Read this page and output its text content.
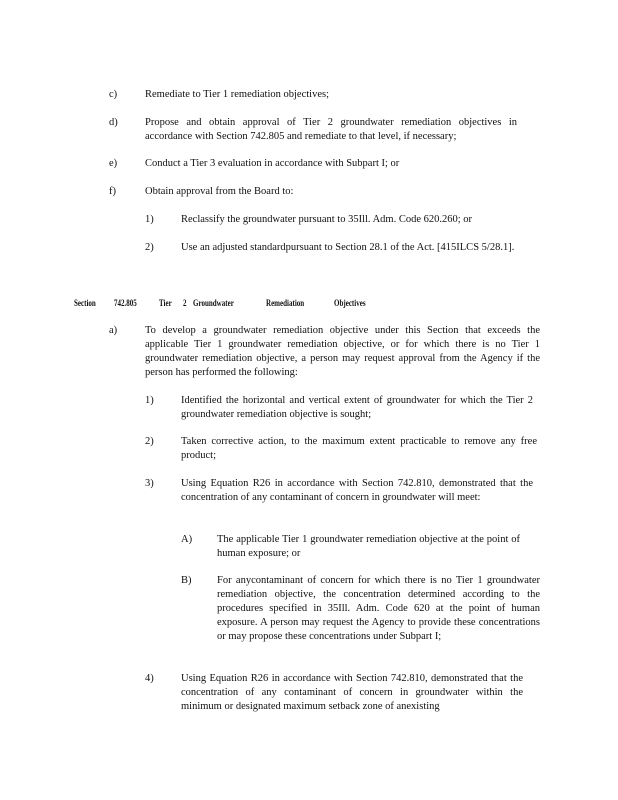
c)	Remediate to Tier 1 remediation objectives;
d)	Propose and obtain approval of Tier 2 groundwater remediation objectives in accordance with Section 742.805 and remediate to that level, if necessary;
e)	Conduct a Tier 3 evaluation in accordance with Subpart I; or
f)	Obtain approval from the Board to:
1)	Reclassify the groundwater pursuant to 35Ill. Adm. Code 620.260; or
2)	Use an adjusted standardpursuant to Section 28.1 of the Act. [415ILCS 5/28.1].
Section 742.805 Tier 2 Groundwater	Remediation	Objectives
a)	To develop a groundwater remediation objective under this Section that exceeds the applicable Tier 1 groundwater remediation objective, or for which there is no Tier 1 groundwater remediation objective, a person may request approval from the Agency if the person has performed the following:
1)	Identified the horizontal and vertical extent of groundwater for which the Tier 2 groundwater remediation objective is sought;
2)	Taken corrective action, to the maximum extent practicable to remove any free product;
3)	Using Equation R26 in accordance with Section 742.810, demonstrated that the concentration of any contaminant of concern in groundwater will meet:
A) The applicable Tier 1 groundwater remediation objective at the point of human exposure; or
B) For anycontaminant of concern for which there is no Tier 1 groundwater remediation objective, the concentration determined according to the procedures specified in 35Ill. Adm. Code 620 at the point of human exposure. A person may request the Agency to provide these concentrations or may propose these concentrations under Subpart I;
4)	Using Equation R26 in accordance with Section 742.810, demonstrated that the concentration of any contaminant of concern in groundwater within the minimum or designated maximum setback zone of anexisting
